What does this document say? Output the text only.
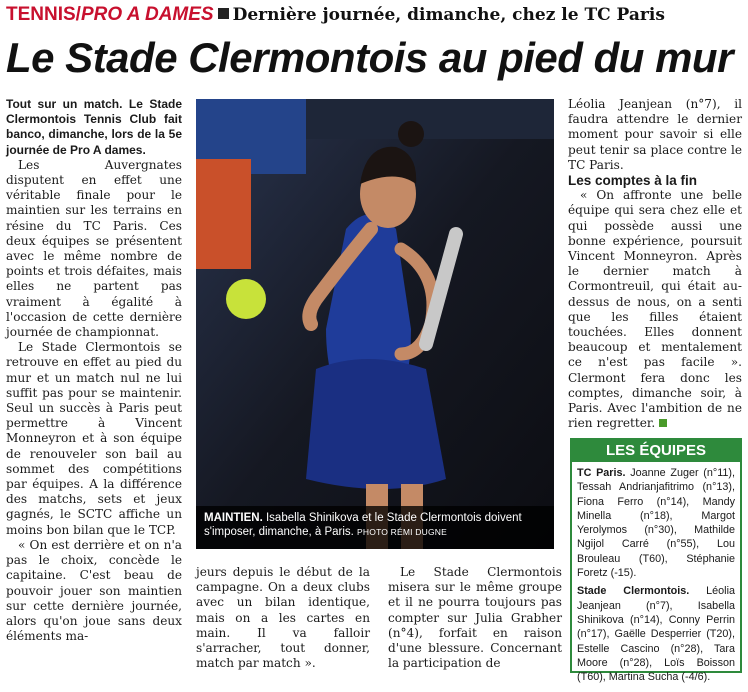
TENNIS/PRO A DAMES Dernière journée, dimanche, chez le TC Paris
Le Stade Clermontois au pied du mur

Tout sur un match. Le Stade Clermontois Tennis Club fait banco, dimanche, lors de la 5e journée de Pro A dames.

Les Auvergnates disputent en effet une véritable finale pour le maintien sur les terrains en résine du TC Paris. Ces deux équipes se présentent avec le même nombre de points et trois défaites, mais elles ne partent pas vraiment à égalité à l'occasion de cette dernière journée de championnat.

Le Stade Clermontois se retrouve en effet au pied du mur et un match nul ne lui suffit pas pour se maintenir. Seul un succès à Paris peut permettre à Vincent Monneyron et à son équipe de renouveler son bail au sommet des compétitions par équipes. A la différence des matchs, sets et jeux gagnés, le SCTC affiche un moins bon bilan que le TCP.

« On est derrière et on n'a pas le choix, concède le capitaine. C'est beau de pouvoir jouer son maintien sur cette dernière journée, alors qu'on joue sans deux éléments ma-

MAINTIEN. Isabella Shinikova et le Stade Clermontois doivent s'imposer, dimanche, à Paris. PHOTO RÉMI DUGNE

jeurs depuis le début de la campagne. On a deux clubs avec un bilan identique, mais on a les cartes en main. Il va falloir s'arracher, tout donner, match par match ».

Le Stade Clermontois misera sur le même groupe et il ne pourra toujours pas compter sur Julia Grabher (n°4), forfait en raison d'une blessure. Concernant la participation de

Léolia Jeanjean (n°7), il faudra attendre le dernier moment pour savoir si elle peut tenir sa place contre le TC Paris.

Les comptes à la fin

« On affronte une belle équipe qui sera chez elle et qui possède aussi une bonne expérience, poursuit Vincent Monneyron. Après le dernier match à Cormontreuil, qui était au-dessus de nous, on a senti que les filles étaient touchées. Elles donnent beaucoup et mentalement ce n'est pas facile ». Clermont fera donc les comptes, dimanche soir, à Paris. Avec l'ambition de ne rien regretter.

LES ÉQUIPES

TC Paris. Joanne Zuger (n°11), Tessah Andrianjafitrimo (n°13), Fiona Ferro (n°14), Mandy Minella (n°18), Margot Yerolymos (n°30), Mathilde Ngijol Carré (n°55), Lou Brouleau (T60), Stéphanie Foretz (-15).

Stade Clermontois. Léolia Jeanjean (n°7), Isabella Shinikova (n°14), Conny Perrin (n°17), Gaëlle Desperrier (T20), Estelle Cascino (n°28), Tara Moore (n°28), Loïs Boisson (T60), Martina Sucha (-4/6).
